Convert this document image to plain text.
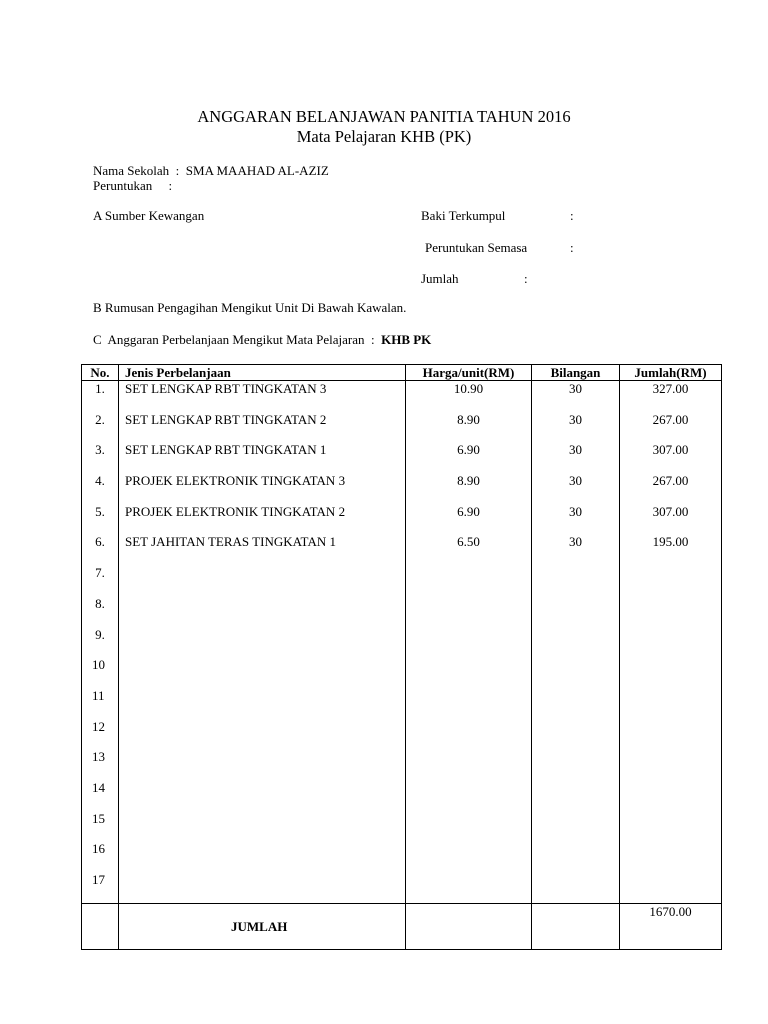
ANGGARAN BELANJAWAN PANITIA TAHUN 2016
Mata Pelajaran KHB (PK)
Nama Sekolah  :  SMA MAAHAD AL-AZIZ
Peruntukan     :
A Sumber Kewangan	Baki Terkumpul	:
Peruntukan Semasa	:
Jumlah	:
B Rumusan Pengagihan Mengikut Unit Di Bawah Kawalan.
C  Anggaran Perbelanjaan Mengikut Mata Pelajaran  : KHB PK
No.	Jenis Perbelanjaan	Harga/unit(RM)	Bilangan	Jumlah(RM)
1.	SET LENGKAP RBT TINGKATAN 3	10.90	30	327.00
2.	SET LENGKAP RBT TINGKATAN 2	8.90	30	267.00
3.	SET LENGKAP RBT TINGKATAN 1	6.90	30	307.00
4.	PROJEK ELEKTRONIK TINGKATAN 3	8.90	30	267.00
5.	PROJEK ELEKTRONIK TINGKATAN 2	6.90	30	307.00
6.	SET JAHITAN TERAS TINGKATAN 1	6.50	30	195.00
7.				
8.				
9.				
10				
11				
12				
13				
14				
15				
16				
17				
	JUMLAH			1670.00
